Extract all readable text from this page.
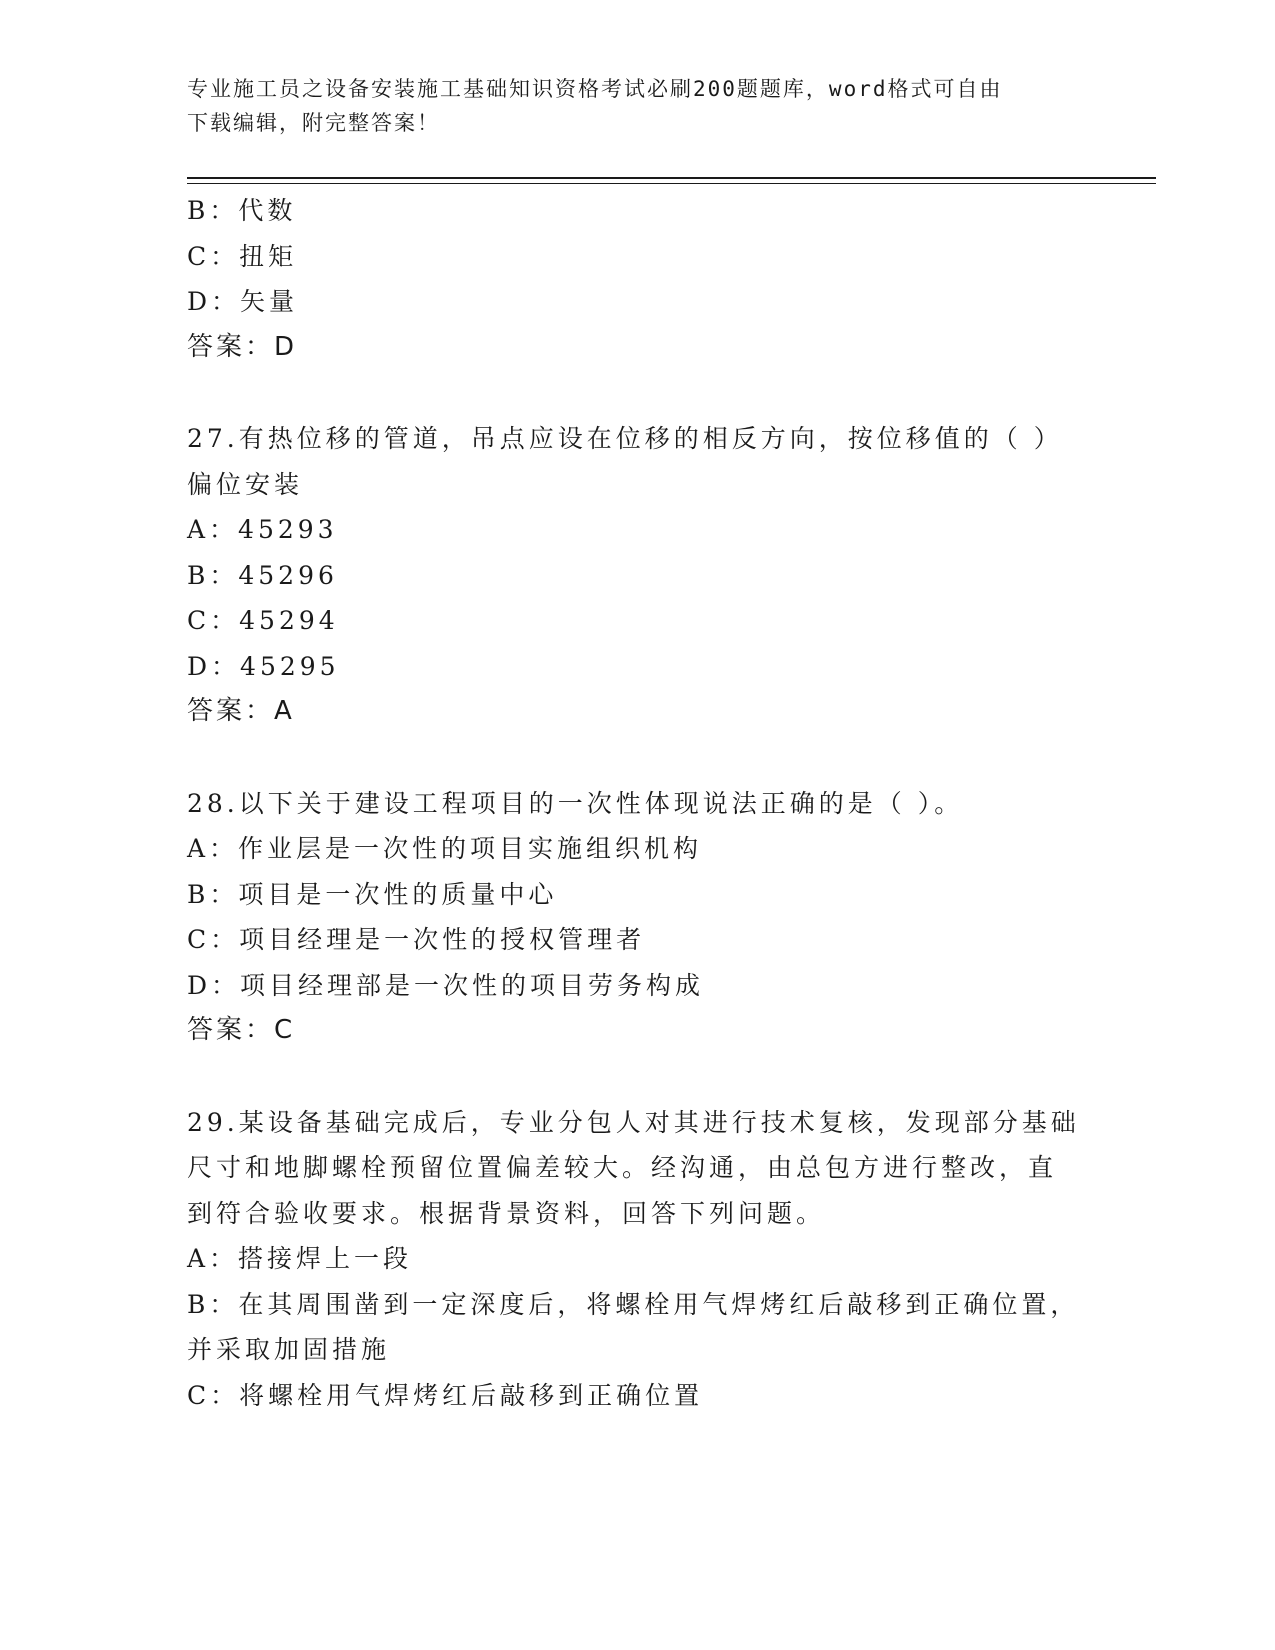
专业施工员之设备安装施工基础知识资格考试必刷200题题库，word格式可自由
下载编辑，附完整答案！
B：代数
C：扭矩
D：矢量
答案：D
27.有热位移的管道，吊点应设在位移的相反方向，按位移值的（ ）
偏位安装
A：45293
B：45296
C：45294
D：45295
答案：A
28.以下关于建设工程项目的一次性体现说法正确的是（ ）。
A：作业层是一次性的项目实施组织机构
B：项目是一次性的质量中心
C：项目经理是一次性的授权管理者
D：项目经理部是一次性的项目劳务构成
答案：C
29.某设备基础完成后，专业分包人对其进行技术复核，发现部分基础
尺寸和地脚螺栓预留位置偏差较大。经沟通，由总包方进行整改，直
到符合验收要求。根据背景资料，回答下列问题。
A：搭接焊上一段
B：在其周围凿到一定深度后，将螺栓用气焊烤红后敲移到正确位置，
并采取加固措施
C：将螺栓用气焊烤红后敲移到正确位置
